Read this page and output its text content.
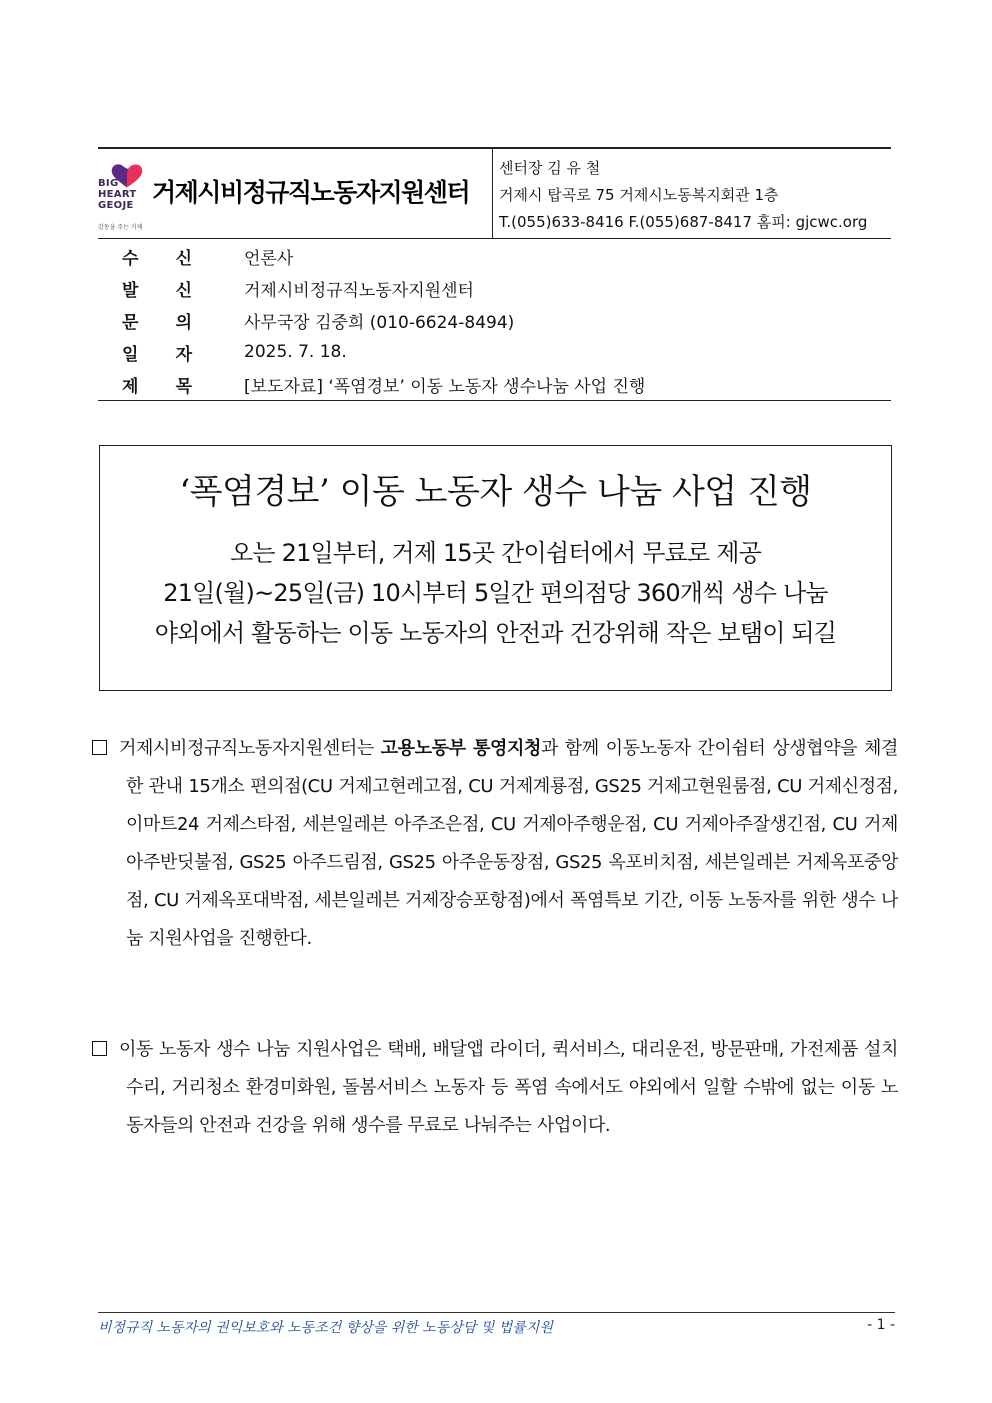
BIG
HEART
GEOJE
감동을 주는 거제
거제시비정규직노동자지원센터
센터장 김 유 철
거제시 탑곡로 75 거제시노동복지회관 1층
T.(055)633-8416 F.(055)687-8417 홈피: gjcwc.org
수 신	언론사
발 신	거제시비정규직노동자지원센터
문 의	사무국장 김중희 (010-6624-8494)
일 자	2025. 7. 18.
제 목	[보도자료] ‘폭염경보’ 이동 노동자 생수나눔 사업 진행
‘폭염경보’ 이동 노동자 생수 나눔 사업 진행
오는 21일부터, 거제 15곳 간이쉼터에서 무료로 제공
21일(월)~25일(금) 10시부터 5일간 편의점당 360개씩 생수 나눔
야외에서 활동하는 이동 노동자의 안전과 건강위해 작은 보탬이 되길

거제시비정규직노동자지원센터는 고용노동부 통영지청과 함께 이동노동자 간이쉼터 상생협약을 체결한 관내 15개소 편의점(CU 거제고현레고점, CU 거제계룡점, GS25 거제고현원룸점, CU 거제신정점, 이마트24 거제스타점, 세븐일레븐 아주조은점, CU 거제아주행운점, CU 거제아주잘생긴점, CU 거제아주반딧불점, GS25 아주드림점, GS25 아주운동장점, GS25 옥포비치점, 세븐일레븐 거제옥포중앙점, CU 거제옥포대박점, 세븐일레븐 거제장승포항점)에서 폭염특보 기간, 이동 노동자를 위한 생수 나눔 지원사업을 진행한다.

이동 노동자 생수 나눔 지원사업은 택배, 배달앱 라이더, 퀵서비스, 대리운전, 방문판매, 가전제품 설치수리, 거리청소 환경미화원, 돌봄서비스 노동자 등 폭염 속에서도 야외에서 일할 수밖에 없는 이동 노동자들의 안전과 건강을 위해 생수를 무료로 나눠주는 사업이다.

비정규직 노동자의 권익보호와 노동조건 향상을 위한 노동상담 및 법률지원	- 1 -
